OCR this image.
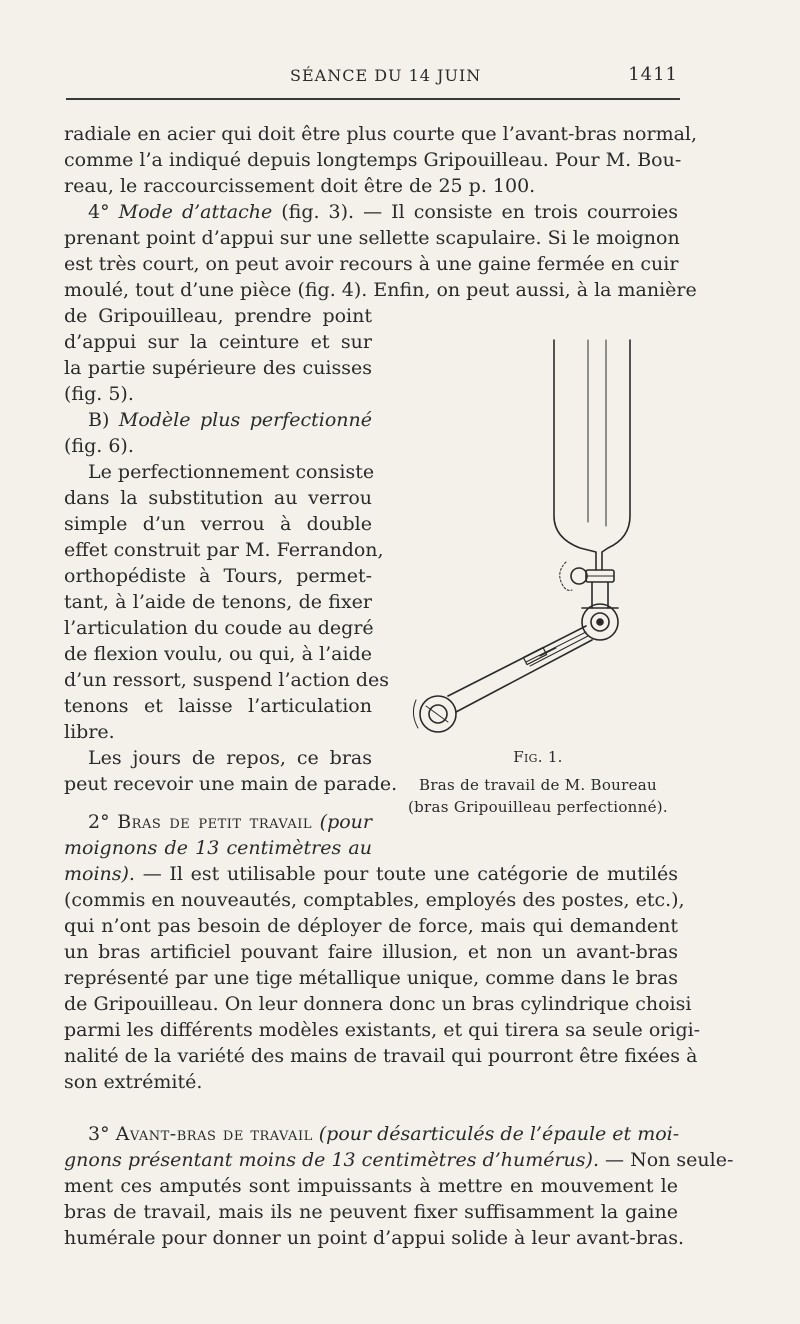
SÉANCE DU 14 JUIN	1411
radiale en acier qui doit être plus courte que l’avant-bras normal,
comme l’a indiqué depuis longtemps Gripouilleau. Pour M. Bou-
reau, le raccourcissement doit être de 25 p. 100.
4° Mode d’attache (fig. 3). — Il consiste en trois courroies
prenant point d’appui sur une sellette scapulaire. Si le moignon
est très court, on peut avoir recours à une gaine fermée en cuir
moulé, tout d’une pièce (fig. 4). Enfin, on peut aussi, à la manière
de Gripouilleau, prendre point
d’appui sur la ceinture et sur
la partie supérieure des cuisses
(fig. 5).
B) Modèle plus perfectionné
(fig. 6).
Le perfectionnement consiste
dans la substitution au verrou
simple d’un verrou à double
effet construit par M. Ferrandon,
orthopédiste à Tours, permet-
tant, à l’aide de tenons, de fixer
l’articulation du coude au degré
de flexion voulu, ou qui, à l’aide
d’un ressort, suspend l’action des
tenons et laisse l’articulation
libre.
Les jours de repos, ce bras
peut recevoir une main de parade.
2° Bras de petit travail (pour
moignons de 13 centimètres au
moins). — Il est utilisable pour toute une catégorie de mutilés
(commis en nouveautés, comptables, employés des postes, etc.),
qui n’ont pas besoin de déployer de force, mais qui demandent
un bras artificiel pouvant faire illusion, et non un avant-bras
représenté par une tige métallique unique, comme dans le bras
de Gripouilleau. On leur donnera donc un bras cylindrique choisi
parmi les différents modèles existants, et qui tirera sa seule origi-
nalité de la variété des mains de travail qui pourront être fixées à
son extrémité.
3° Avant-bras de travail (pour désarticulés de l’épaule et moi-
gnons présentant moins de 13 centimètres d’humérus). — Non seule-
ment ces amputés sont impuissants à mettre en mouvement le
bras de travail, mais ils ne peuvent fixer suffisamment la gaine
humérale pour donner un point d’appui solide à leur avant-bras.
Fig. 1.
Bras de travail de M. Boureau
(bras Gripouilleau perfectionné).
